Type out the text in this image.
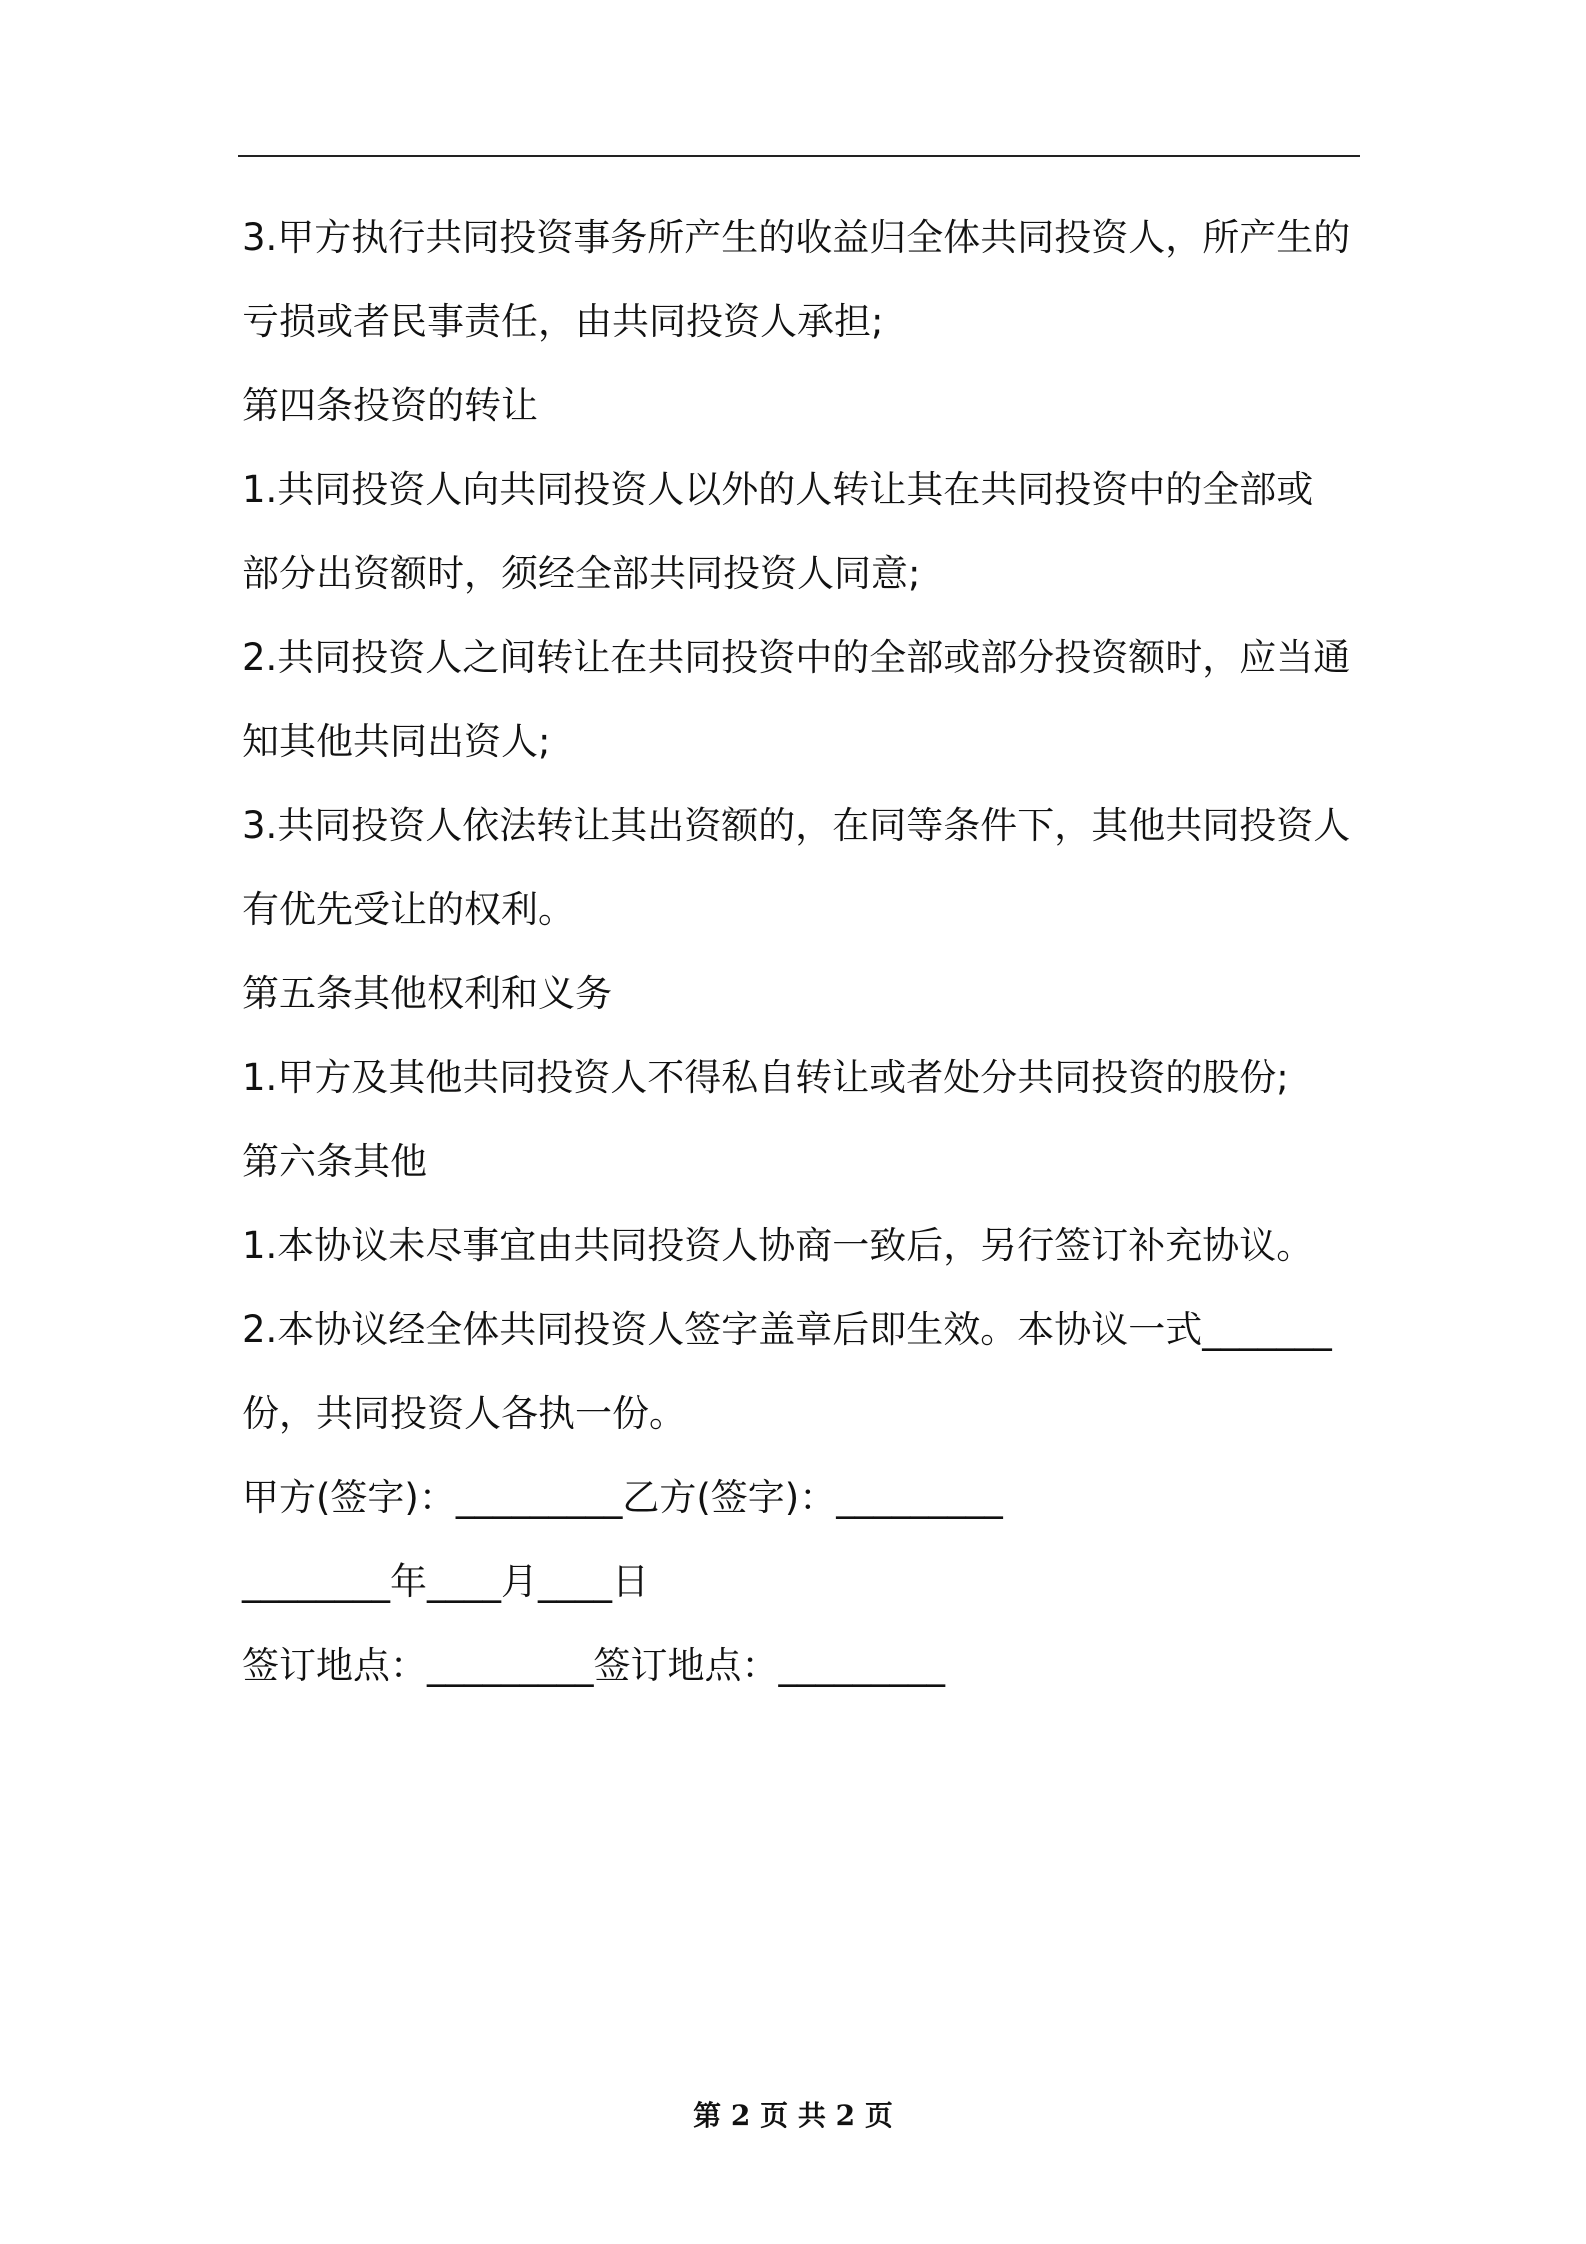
3.甲方执行共同投资事务所产生的收益归全体共同投资人，所产生的
亏损或者民事责任，由共同投资人承担;
第四条投资的转让
1.共同投资人向共同投资人以外的人转让其在共同投资中的全部或
部分出资额时，须经全部共同投资人同意;
2.共同投资人之间转让在共同投资中的全部或部分投资额时，应当通
知其他共同出资人;
3.共同投资人依法转让其出资额的，在同等条件下，其他共同投资人
有优先受让的权利。
第五条其他权利和义务
1.甲方及其他共同投资人不得私自转让或者处分共同投资的股份;
第六条其他
1.本协议未尽事宜由共同投资人协商一致后，另行签订补充协议。
2.本协议经全体共同投资人签字盖章后即生效。本协议一式_______
份，共同投资人各执一份。
甲方(签字)：_________乙方(签字)：_________
________年____月____日
签订地点：_________签订地点：_________
第 2 页 共 2 页
